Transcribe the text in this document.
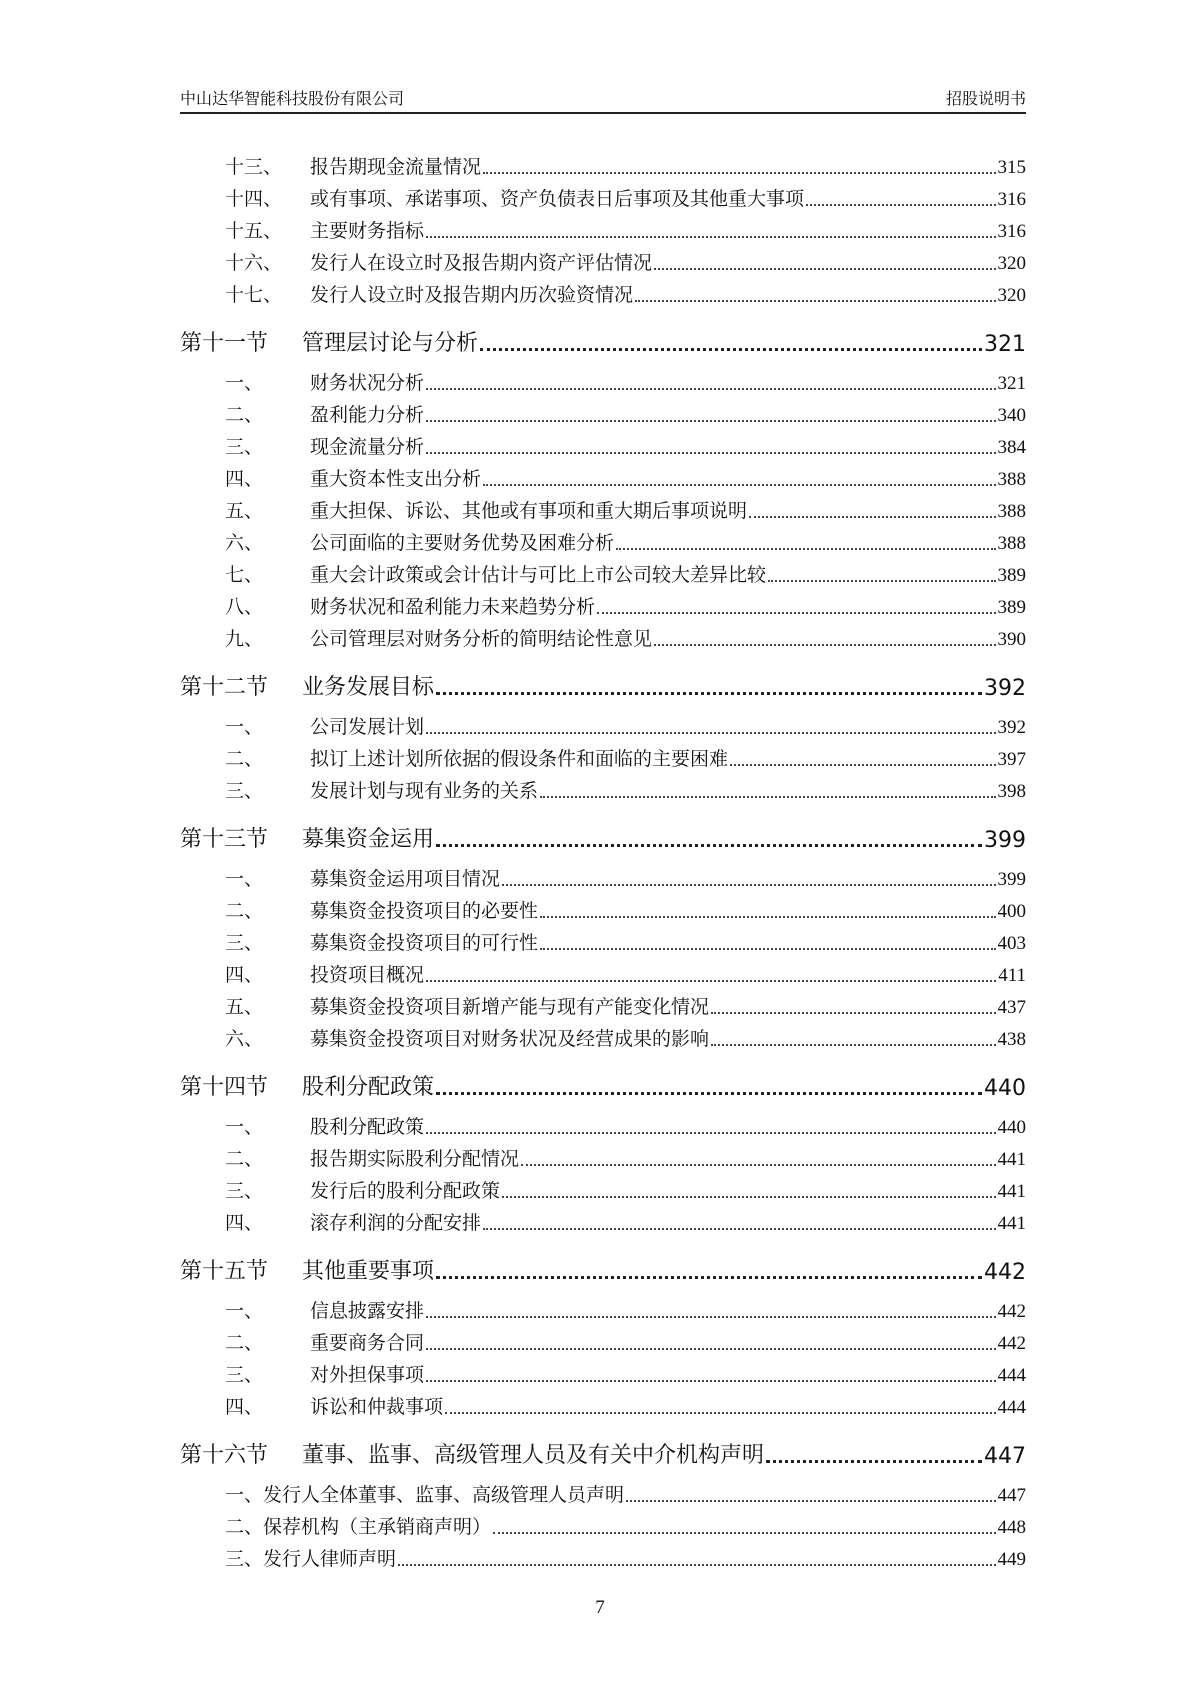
中山达华智能科技股份有限公司	招股说明书
十三、	报告期现金流量情况	315
十四、	或有事项、承诺事项、资产负债表日后事项及其他重大事项	316
十五、	主要财务指标	316
十六、	发行人在设立时及报告期内资产评估情况	320
十七、	发行人设立时及报告期内历次验资情况	320
第十一节	管理层讨论与分析	321
一、	财务状况分析	321
二、	盈利能力分析	340
三、	现金流量分析	384
四、	重大资本性支出分析	388
五、	重大担保、诉讼、其他或有事项和重大期后事项说明	388
六、	公司面临的主要财务优势及困难分析	388
七、	重大会计政策或会计估计与可比上市公司较大差异比较	389
八、	财务状况和盈利能力未来趋势分析	389
九、	公司管理层对财务分析的简明结论性意见	390
第十二节	业务发展目标	392
一、	公司发展计划	392
二、	拟订上述计划所依据的假设条件和面临的主要困难	397
三、	发展计划与现有业务的关系	398
第十三节	募集资金运用	399
一、	募集资金运用项目情况	399
二、	募集资金投资项目的必要性	400
三、	募集资金投资项目的可行性	403
四、	投资项目概况	411
五、	募集资金投资项目新增产能与现有产能变化情况	437
六、	募集资金投资项目对财务状况及经营成果的影响	438
第十四节	股利分配政策	440
一、	股利分配政策	440
二、	报告期实际股利分配情况	441
三、	发行后的股利分配政策	441
四、	滚存利润的分配安排	441
第十五节	其他重要事项	442
一、	信息披露安排	442
二、	重要商务合同	442
三、	对外担保事项	444
四、	诉讼和仲裁事项	444
第十六节	董事、监事、高级管理人员及有关中介机构声明	447
一、 发行人全体董事、监事、高级管理人员声明	447
二、 保荐机构（主承销商声明）	448
三、 发行人律师声明	449
7
